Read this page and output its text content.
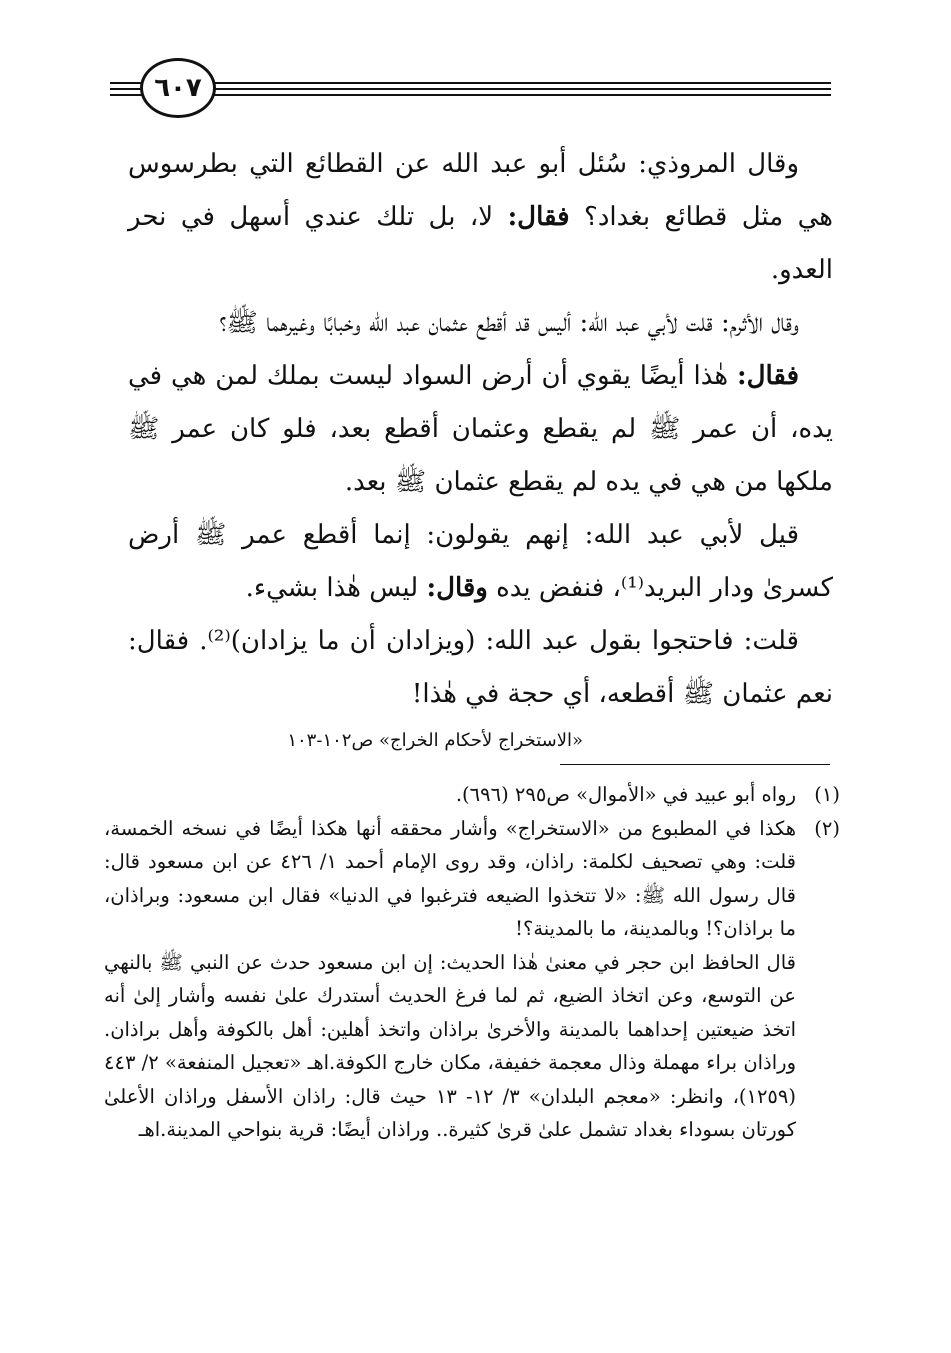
٦٠٧

وقال المروذي: سُئل أبو عبد الله عن القطائع التي بطرسوس هي مثل قطائع بغداد؟ فقال: لا، بل تلك عندي أسهل في نحر العدو.

وقال الأثرم: قلت لأبي عبد الله: أليس قد أقطع عثمان عبد الله وخبابًا وغيرهما ﷺ؟

فقال: هٰذا أيضًا يقوي أن أرض السواد ليست بملك لمن هي في يده، أن عمر ﷺ لم يقطع وعثمان أقطع بعد، فلو كان عمر ﷺ ملكها من هي في يده لم يقطع عثمان ﷺ بعد.

قيل لأبي عبد الله: إنهم يقولون: إنما أقطع عمر ﷺ أرض كسرىٰ ودار البريد⁽¹⁾، فنفض يده وقال: ليس هٰذا بشيء.

قلت: فاحتجوا بقول عبد الله: (ويزادان أن ما يزادان)⁽²⁾. فقال: نعم عثمان ﷺ أقطعه، أي حجة في هٰذا!

«الاستخراج لأحكام الخراج» ص١٠٢-١٠٣
(١)
رواه أبو عبيد في «الأموال» ص٢٩٥ (٦٩٦).
(٢)
هكذا في المطبوع من «الاستخراج» وأشار محققه أنها هكذا أيضًا في نسخه الخمسة، قلت: وهي تصحيف لكلمة: راذان، وقد روى الإمام أحمد ١/ ٤٢٦ عن ابن مسعود قال: قال رسول الله ﷺ: «لا تتخذوا الضيعه فترغبوا في الدنيا» فقال ابن مسعود: وبراذان، ما براذان؟! وبالمدينة، ما بالمدينة؟!
قال الحافظ ابن حجر في معنىٰ هٰذا الحديث: إن ابن مسعود حدث عن النبي ﷺ بالنهي عن التوسع، وعن اتخاذ الضيع، ثم لما فرغ الحديث أستدرك علىٰ نفسه وأشار إلىٰ أنه اتخذ ضيعتين إحداهما بالمدينة والأخرىٰ براذان واتخذ أهلين: أهل بالكوفة وأهل براذان. وراذان براء مهملة وذال معجمة خفيفة، مكان خارج الكوفة.اهـ «تعجيل المنفعة» ٢/ ٤٤٣ (١٢٥٩)، وانظر: «معجم البلدان» ٣/ ١٢- ١٣ حيث قال: راذان الأسفل وراذان الأعلىٰ كورتان بسوداء بغداد تشمل علىٰ قرىٰ كثيرة.. وراذان أيضًا: قرية بنواحي المدينة.اهـ
